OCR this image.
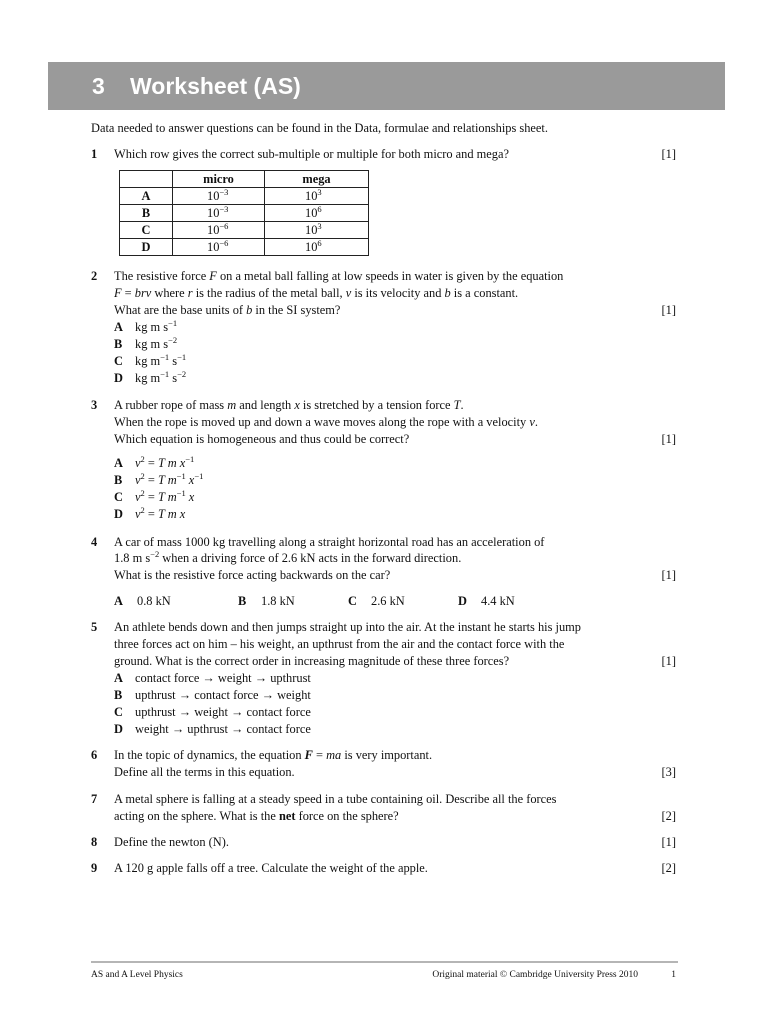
3 Worksheet (AS)
Data needed to answer questions can be found in the Data, formulae and relationships sheet.
1 Which row gives the correct sub-multiple or multiple for both micro and mega?	[1]
	micro	mega
A	$10^{-3}$	$10^3$
B	$10^{-3}$	$10^6$
C	$10^{-6}$	$10^3$
D	$10^{-6}$	$10^6$
2 The resistive force F on a metal ball falling at low speeds in water is given by the equation
F = brv where r is the radius of the metal ball, v is its velocity and b is a constant.
What are the base units of b in the SI system?	[1]
A kg m $s^{-1}$
B kg m $s^{-2}$
C kg $m^{-1}$ $s^{-1}$
D kg $m^{-1}$ $s^{-2}$
3 A rubber rope of mass m and length x is stretched by a tension force T.
When the rope is moved up and down a wave moves along the rope with a velocity v.
Which equation is homogeneous and thus could be correct?	[1]
A $v^2 = T$ m $x^{-1}$
B $v^2 = T$ $m^{-1}$ $x^{-1}$
C $v^2 = T$ $m^{-1}$ x
D $v^2 = T$ m x
4 A car of mass 1000 kg travelling along a straight horizontal road has an acceleration of
1.8 m $s^{-2}$ when a driving force of 2.6 kN acts in the forward direction.
What is the resistive force acting backwards on the car?	[1]
A 0.8 kN	B 1.8 kN	C 2.6 kN	D 4.4 kN
5 An athlete bends down and then jumps straight up into the air. At the instant he starts his jump
three forces act on him – his weight, an upthrust from the air and the contact force with the
ground. What is the correct order in increasing magnitude of these three forces?	[1]
A contact force → weight → upthrust
B upthrust → contact force → weight
C upthrust → weight → contact force
D weight → upthrust → contact force
6 In the topic of dynamics, the equation F = ma is very important.
Define all the terms in this equation.	[3]
7 A metal sphere is falling at a steady speed in a tube containing oil. Describe all the forces
acting on the sphere. What is the net force on the sphere?	[2]
8 Define the newton (N).	[1]
9 A 120 g apple falls off a tree. Calculate the weight of the apple.	[2]
AS and A Level Physics	Original material © Cambridge University Press 2010	1
